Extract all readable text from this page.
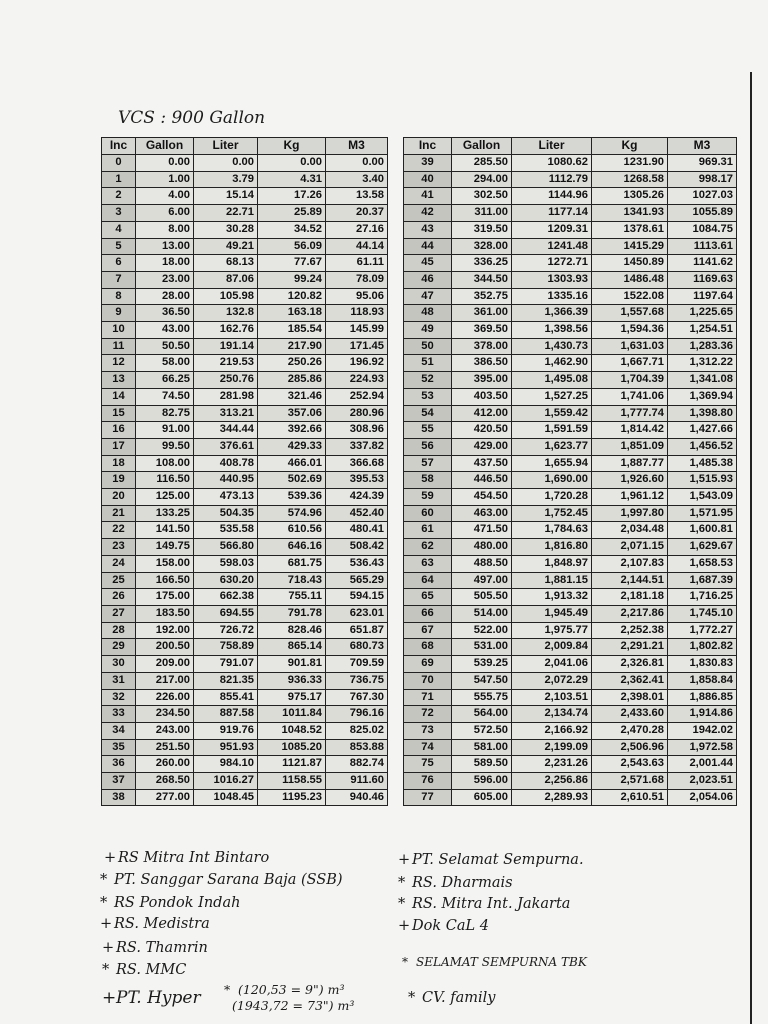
VCS : 900 Gallon
Inc	Gallon	Liter	Kg	M3
0	0.00	0.00	0.00	0.00
1	1.00	3.79	4.31	3.40
2	4.00	15.14	17.26	13.58
3	6.00	22.71	25.89	20.37
4	8.00	30.28	34.52	27.16
5	13.00	49.21	56.09	44.14
6	18.00	68.13	77.67	61.11
7	23.00	87.06	99.24	78.09
8	28.00	105.98	120.82	95.06
9	36.50	132.8	163.18	118.93
10	43.00	162.76	185.54	145.99
11	50.50	191.14	217.90	171.45
12	58.00	219.53	250.26	196.92
13	66.25	250.76	285.86	224.93
14	74.50	281.98	321.46	252.94
15	82.75	313.21	357.06	280.96
16	91.00	344.44	392.66	308.96
17	99.50	376.61	429.33	337.82
18	108.00	408.78	466.01	366.68
19	116.50	440.95	502.69	395.53
20	125.00	473.13	539.36	424.39
21	133.25	504.35	574.96	452.40
22	141.50	535.58	610.56	480.41
23	149.75	566.80	646.16	508.42
24	158.00	598.03	681.75	536.43
25	166.50	630.20	718.43	565.29
26	175.00	662.38	755.11	594.15
27	183.50	694.55	791.78	623.01
28	192.00	726.72	828.46	651.87
29	200.50	758.89	865.14	680.73
30	209.00	791.07	901.81	709.59
31	217.00	821.35	936.33	736.75
32	226.00	855.41	975.17	767.30
33	234.50	887.58	1011.84	796.16
34	243.00	919.76	1048.52	825.02
35	251.50	951.93	1085.20	853.88
36	260.00	984.10	1121.87	882.74
37	268.50	1016.27	1158.55	911.60
38	277.00	1048.45	1195.23	940.46
Inc	Gallon	Liter	Kg	M3
39	285.50	1080.62	1231.90	969.31
40	294.00	1112.79	1268.58	998.17
41	302.50	1144.96	1305.26	1027.03
42	311.00	1177.14	1341.93	1055.89
43	319.50	1209.31	1378.61	1084.75
44	328.00	1241.48	1415.29	1113.61
45	336.25	1272.71	1450.89	1141.62
46	344.50	1303.93	1486.48	1169.63
47	352.75	1335.16	1522.08	1197.64
48	361.00	1,366.39	1,557.68	1,225.65
49	369.50	1,398.56	1,594.36	1,254.51
50	378.00	1,430.73	1,631.03	1,283.36
51	386.50	1,462.90	1,667.71	1,312.22
52	395.00	1,495.08	1,704.39	1,341.08
53	403.50	1,527.25	1,741.06	1,369.94
54	412.00	1,559.42	1,777.74	1,398.80
55	420.50	1,591.59	1,814.42	1,427.66
56	429.00	1,623.77	1,851.09	1,456.52
57	437.50	1,655.94	1,887.77	1,485.38
58	446.50	1,690.00	1,926.60	1,515.93
59	454.50	1,720.28	1,961.12	1,543.09
60	463.00	1,752.45	1,997.80	1,571.95
61	471.50	1,784.63	2,034.48	1,600.81
62	480.00	1,816.80	2,071.15	1,629.67
63	488.50	1,848.97	2,107.83	1,658.53
64	497.00	1,881.15	2,144.51	1,687.39
65	505.50	1,913.32	2,181.18	1,716.25
66	514.00	1,945.49	2,217.86	1,745.10
67	522.00	1,975.77	2,252.38	1,772.27
68	531.00	2,009.84	2,291.21	1,802.82
69	539.25	2,041.06	2,326.81	1,830.83
70	547.50	2,072.29	2,362.41	1,858.84
71	555.75	2,103.51	2,398.01	1,886.85
72	564.00	2,134.74	2,433.60	1,914.86
73	572.50	2,166.92	2,470.28	1942.02
74	581.00	2,199.09	2,506.96	1,972.58
75	589.50	2,231.26	2,543.63	2,001.44
76	596.00	2,256.86	2,571.68	2,023.51
77	605.00	2,289.93	2,610.51	2,054.06
+ RS Mitra Int Bintaro
* PT. Sanggar Sarana Baja (SSB)
* RS Pondok Indah
+ RS. Medistra
+ RS. Thamrin
* RS. MMC
+PT. Hyper * (120,53 = 9") m³
(1943,72 = 73") m³
+ PT. Selamat Sempurna.
* RS. Dharmais
* RS. Mitra Int. Jakarta
+ Dok CaL 4
* SELAMAT SEMPURNA TBK
* CV. family
